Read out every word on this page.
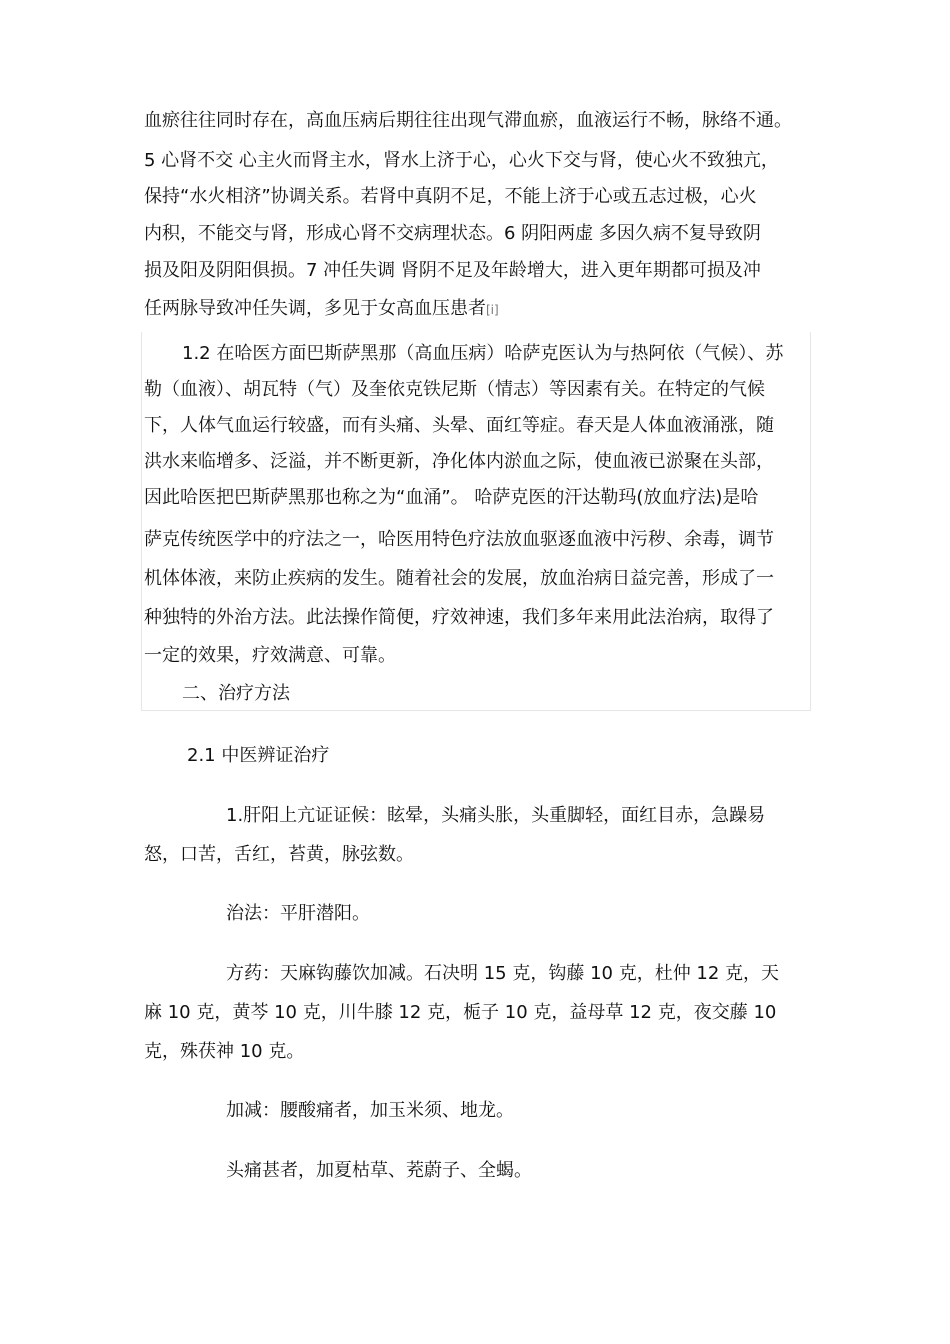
血瘀往往同时存在，高血压病后期往往出现气滞血瘀，血液运行不畅，脉络不通。
5 心肾不交 心主火而肾主水，肾水上济于心，心火下交与肾，使心火不致独亢，
保持“水火相济”协调关系。若肾中真阴不足，不能上济于心或五志过极，心火
内积，不能交与肾，形成心肾不交病理状态。6 阴阳两虚 多因久病不复导致阴
损及阳及阴阳俱损。7 冲任失调 肾阴不足及年龄增大，进入更年期都可损及冲
任两脉导致冲任失调，多见于女高血压患者[i]
1.2 在哈医方面巴斯萨黑那（高血压病）哈萨克医认为与热阿依（气候）、苏
勒（血液）、胡瓦特（气）及奎依克铁尼斯（情志）等因素有关。在特定的气候
下，人体气血运行较盛，而有头痛、头晕、面红等症。春天是人体血液涌涨，随
洪水来临增多、泛溢，并不断更新，净化体内淤血之际，使血液已淤聚在头部，
因此哈医把巴斯萨黑那也称之为“血涌”。 哈萨克医的汗达勒玛(放血疗法)是哈
萨克传统医学中的疗法之一，哈医用特色疗法放血驱逐血液中污秽、余毒，调节
机体体液，来防止疾病的发生。随着社会的发展，放血治病日益完善，形成了一
种独特的外治方法。此法操作简便，疗效神速，我们多年来用此法治病，取得了
一定的效果，疗效满意、可靠。
二、治疗方法
2.1 中医辨证治疗
1.肝阳上亢证证候：眩晕，头痛头胀，头重脚轻，面红目赤，急躁易
怒，口苦，舌红，苔黄，脉弦数。
治法：平肝潜阳。
方药：天麻钩藤饮加减。石决明 15 克，钩藤 10 克，杜仲 12 克，天
麻 10 克，黄芩 10 克，川牛膝 12 克，栀子 10 克，益母草 12 克，夜交藤 10
克，殊茯神 10 克。
加减：腰酸痛者，加玉米须、地龙。
头痛甚者，加夏枯草、茺蔚子、全蝎。
